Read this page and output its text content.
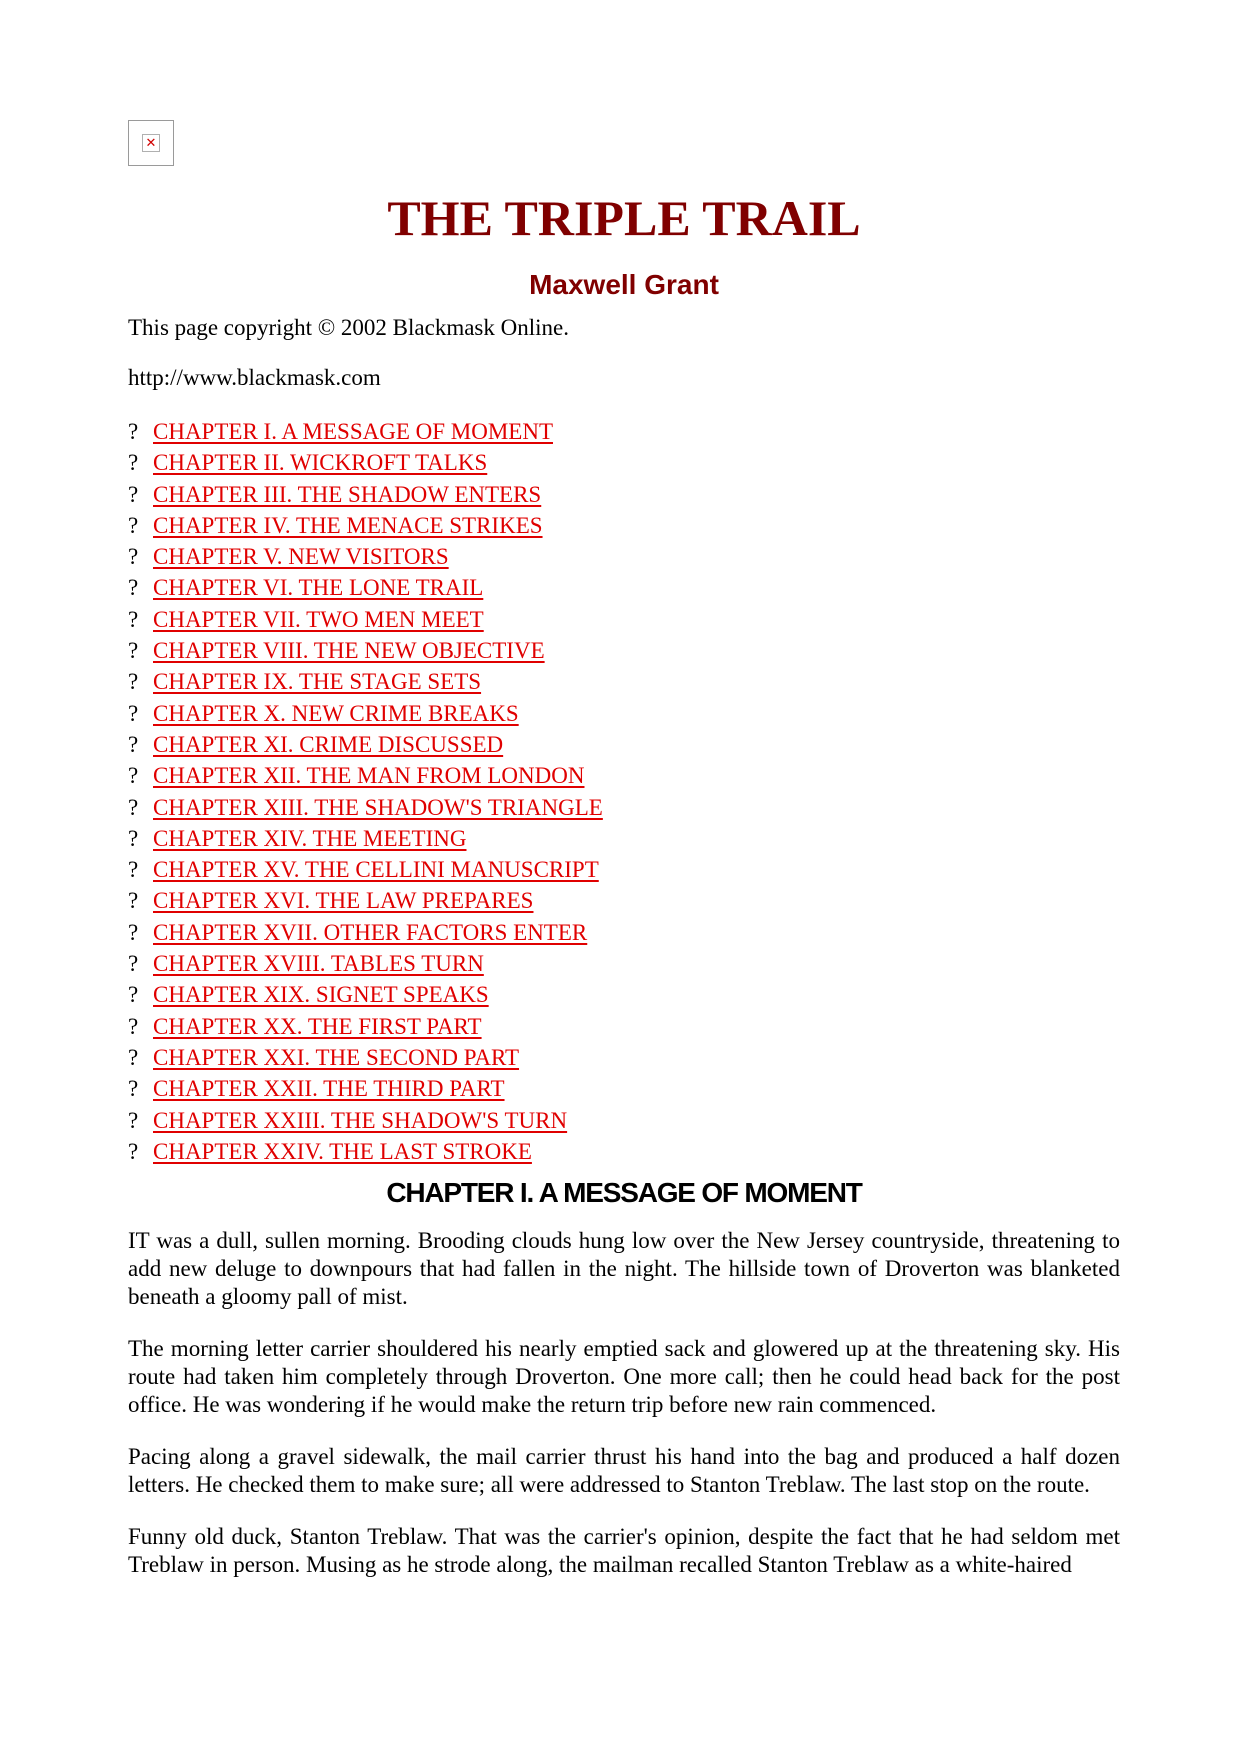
✕
THE TRIPLE TRAIL
Maxwell Grant

This page copyright © 2002 Blackmask Online.

http://www.blackmask.com

? CHAPTER I. A MESSAGE OF MOMENT
? CHAPTER II. WICKROFT TALKS
? CHAPTER III. THE SHADOW ENTERS
? CHAPTER IV. THE MENACE STRIKES
? CHAPTER V. NEW VISITORS
? CHAPTER VI. THE LONE TRAIL
? CHAPTER VII. TWO MEN MEET
? CHAPTER VIII. THE NEW OBJECTIVE
? CHAPTER IX. THE STAGE SETS
? CHAPTER X. NEW CRIME BREAKS
? CHAPTER XI. CRIME DISCUSSED
? CHAPTER XII. THE MAN FROM LONDON
? CHAPTER XIII. THE SHADOW'S TRIANGLE
? CHAPTER XIV. THE MEETING
? CHAPTER XV. THE CELLINI MANUSCRIPT
? CHAPTER XVI. THE LAW PREPARES
? CHAPTER XVII. OTHER FACTORS ENTER
? CHAPTER XVIII. TABLES TURN
? CHAPTER XIX. SIGNET SPEAKS
? CHAPTER XX. THE FIRST PART
? CHAPTER XXI. THE SECOND PART
? CHAPTER XXII. THE THIRD PART
? CHAPTER XXIII. THE SHADOW'S TURN
? CHAPTER XXIV. THE LAST STROKE
CHAPTER I. A MESSAGE OF MOMENT

IT was a dull, sullen morning. Brooding clouds hung low over the New Jersey countryside, threatening to add new deluge to downpours that had fallen in the night. The hillside town of Droverton was blanketed beneath a gloomy pall of mist.

The morning letter carrier shouldered his nearly emptied sack and glowered up at the threatening sky. His route had taken him completely through Droverton. One more call; then he could head back for the post office. He was wondering if he would make the return trip before new rain commenced.

Pacing along a gravel sidewalk, the mail carrier thrust his hand into the bag and produced a half dozen letters. He checked them to make sure; all were addressed to Stanton Treblaw. The last stop on the route.

Funny old duck, Stanton Treblaw. That was the carrier's opinion, despite the fact that he had seldom met Treblaw in person. Musing as he strode along, the mailman recalled Stanton Treblaw as a white-haired
